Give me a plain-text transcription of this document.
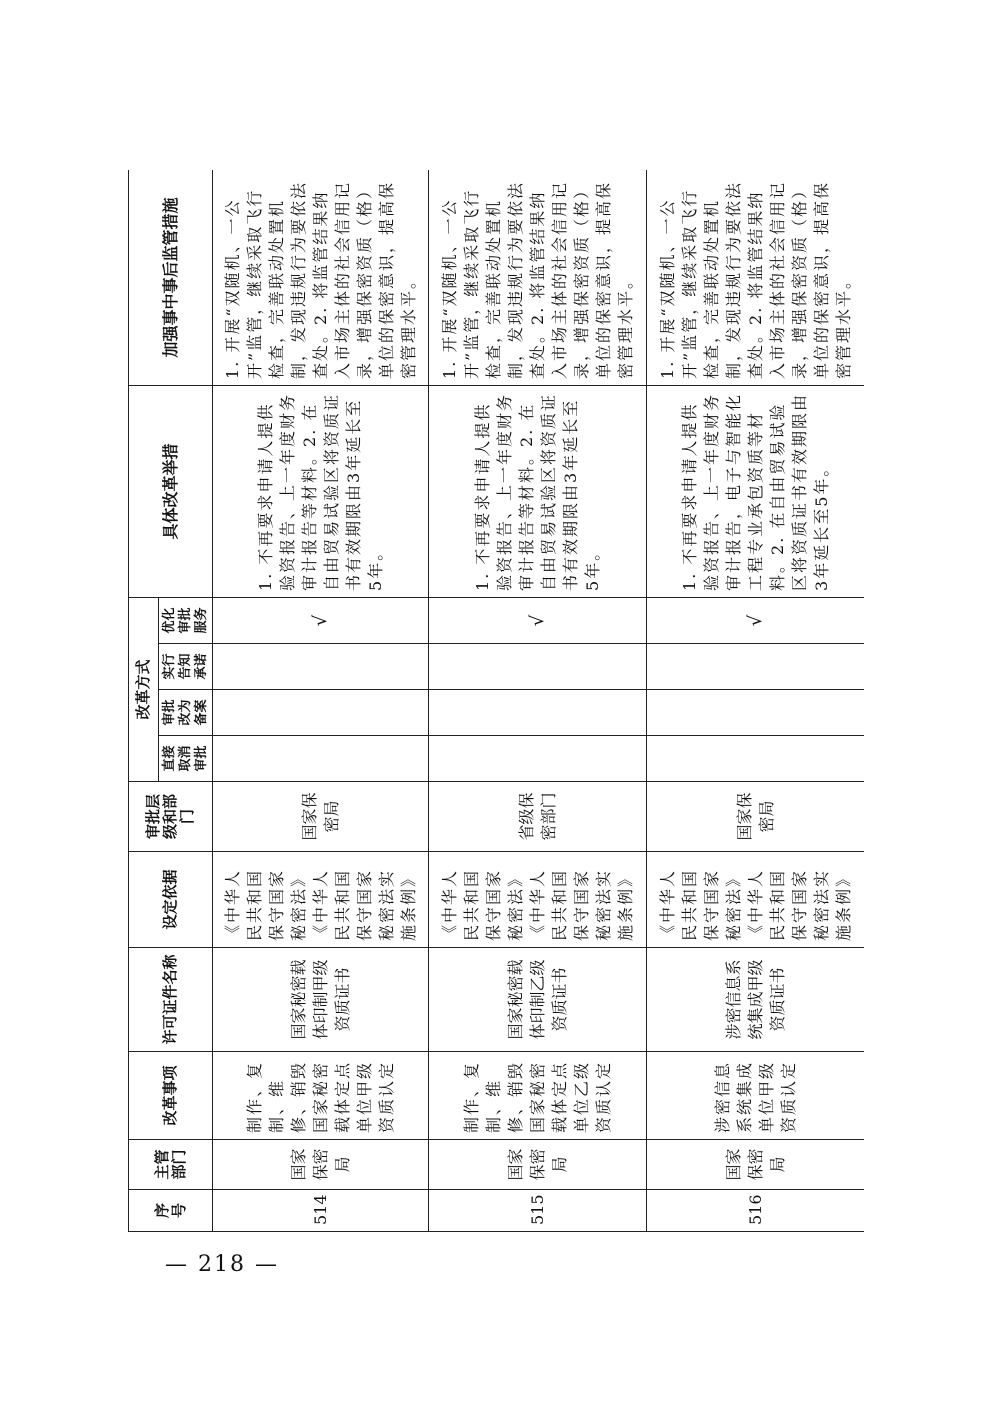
序号	主管部门	改革事项	许可证件名称	设定依据	审批层级和部门	改革方式				具体改革举措	加强事中事后监管措施
						直接取消审批	审批改为备案	实行告知承诺	优化审批服务		
514	国家保密局	制作、复制、维修、销毁国家秘密载体定点单位甲级资质认定	国家秘密载体印制甲级资质证书	《中华人民共和国保守国家秘密法》《中华人民共和国保守国家秘密法实施条例》	国家保密局				√	1. 不再要求申请人提供验资报告、上一年度财务审计报告等材料。2. 在自由贸易试验区将资质证书有效期限由3年延长至5年。	1. 开展“双随机、一公开”监管，继续采取飞行检查，完善联动处置机制，发现违规行为要依法查处。2. 将监管结果纳入市场主体的社会信用记录，增强保密资质（格）单位的保密意识，提高保密管理水平。
515	国家保密局	制作、复制、维修、销毁国家秘密载体定点单位乙级资质认定	国家秘密载体印制乙级资质证书	《中华人民共和国保守国家秘密法》《中华人民共和国保守国家秘密法实施条例》	省级保密部门				√	1. 不再要求申请人提供验资报告、上一年度财务审计报告等材料。2. 在自由贸易试验区将资质证书有效期限由3年延长至5年。	1. 开展“双随机、一公开”监管，继续采取飞行检查，完善联动处置机制，发现违规行为要依法查处。2. 将监管结果纳入市场主体的社会信用记录，增强保密资质（格）单位的保密意识，提高保密管理水平。
516	国家保密局	涉密信息系统集成单位甲级资质认定	涉密信息系统集成甲级资质证书	《中华人民共和国保守国家秘密法》《中华人民共和国保守国家秘密法实施条例》	国家保密局				√	1. 不再要求申请人提供验资报告、上一年度财务审计报告，电子与智能化工程专业承包资质等材料。2. 在自由贸易试验区将资质证书有效期限由3年延长至5年。	1. 开展“双随机、一公开”监管，继续采取飞行检查，完善联动处置机制，发现违规行为要依法查处。2. 将监管结果纳入市场主体的社会信用记录，增强保密资质（格）单位的保密意识，提高保密管理水平。
— 218 —
